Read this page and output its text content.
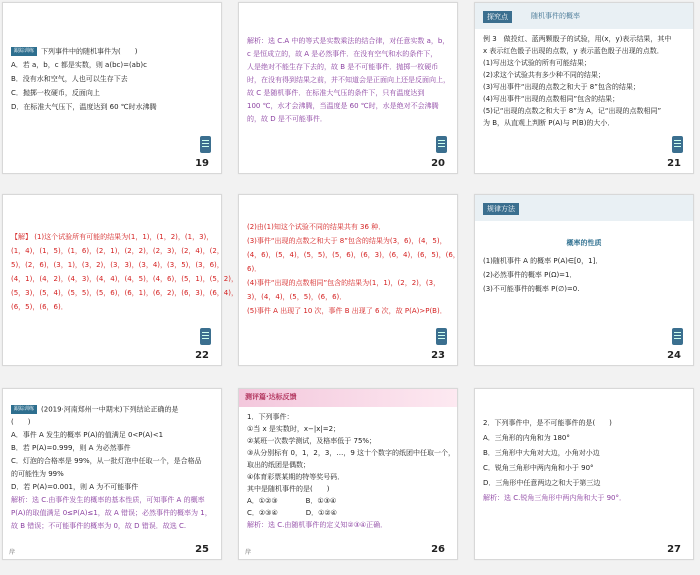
跟踪训练 下列事件中的随机事件为(　　)
A．若 a，b，c 都是实数，则 a(bc)=(ab)c
B．没有水和空气，人也可以生存下去
C．抛掷一枚硬币，反面向上
D．在标准大气压下，温度达到 60 ℃时水沸腾
19
解析：选 C.A 中的等式是实数乘法的结合律，对任意实数 a，b，
c 是恒成立的，故 A 是必然事件．在没有空气和水的条件下，
人是绝对不能生存下去的，故 B 是不可能事件．抛掷一枚硬币
时，在没有得到结果之前，并不知道会是正面向上还是反面向上，
故 C 是随机事件．在标准大气压的条件下，只有温度达到
100 ℃，水才会沸腾，当温度是 60 ℃时，水是绝对不会沸腾
的，故 D 是不可能事件．
20
探究点	随机事件的概率
例 3　做投红、蓝两颗骰子的试验，用(x，y)表示结果，其中
x 表示红色骰子出现的点数，y 表示蓝色骰子出现的点数．
(1)写出这个试验的所有可能结果；
(2)求这个试验共有多少种不同的结果；
(3)写出事件“出现的点数之和大于 8”包含的结果；
(4)写出事件“出现的点数相同”包含的结果；
(5)记“出现的点数之和大于 8”为 A，记“出现的点数相同”
为 B，从直观上判断 P(A)与 P(B)的大小．
21
【解】 (1)这个试验所有可能的结果为(1，1)，(1，2)，(1，3)，
(1，4)，(1，5)，(1，6)，(2，1)，(2，2)，(2，3)，(2，4)，(2，
5)，(2，6)，(3，1)，(3，2)，(3，3)，(3，4)，(3，5)，(3，6)，
(4，1)，(4，2)，(4，3)，(4，4)，(4，5)，(4，6)，(5，1)，(5，2)，
(5，3)，(5，4)，(5，5)，(5，6)，(6，1)，(6，2)，(6，3)，(6，4)，
(6，5)，(6，6)．
22
(2)由(1)知这个试验不同的结果共有 36 种．
(3)事件“出现的点数之和大于 8”包含的结果为(3，6)，(4，5)，
(4，6)，(5，4)，(5，5)，(5，6)，(6，3)，(6，4)，(6，5)，(6，
6)．
(4)事件“出现的点数相同”包含的结果为(1，1)，(2，2)，(3，
3)，(4，4)，(5，5)，(6，6)．
(5)事件 A 出现了 10 次，事件 B 出现了 6 次，故 P(A)>P(B)．
23
规律方法
概率的性质
(1)随机事件 A 的概率 P(A)∈[0，1]．
(2)必然事件的概率 P(Ω)=1．
(3)不可能事件的概率 P(∅)=0.
24
跟踪训练 (2019·河南郑州一中期末)下列结论正确的是
(　　)
A．事件 A 发生的概率 P(A)的值满足 0<P(A)<1
B．若 P(A)=0.999，则 A 为必然事件
C．灯泡的合格率是 99%，从一批灯泡中任取一个，是合格品
的可能性为 99%
D．若 P(A)=0.001，则 A 为不可能事件
解析：选 C.由事件发生的概率的基本性质，可知事件 A 的概率
P(A)的取值满足 0≤P(A)≤1，故 A 错误；必然事件的概率为 1，
故 B 错误；不可能事件的概率为 0，故 D 错误．故选 C.
岸	25
测评篇·达标反馈
1．下列事件：
①当 x 是实数时，x−|x|=2；
②某班一次数学测试，及格率低于 75%；
③从分别标有 0，1，2，3，…，9 这十个数字的纸团中任取一个，
取出的纸团是偶数；
④体育彩票某期的特等奖号码．
其中是随机事件的是(　　)
A．①②③　　　　B．①③④
C．②③④　　　　D．①②④
解析：选 C.由随机事件的定义知②③④正确．
岸	26
2．下列事件中，是不可能事件的是(　　)
A．三角形的内角和为 180°
B．三角形中大角对大边，小角对小边
C．锐角三角形中两内角和小于 90°
D．三角形中任意两边之和大于第三边
解析：选 C.锐角三角形中两内角和大于 90°．
27
